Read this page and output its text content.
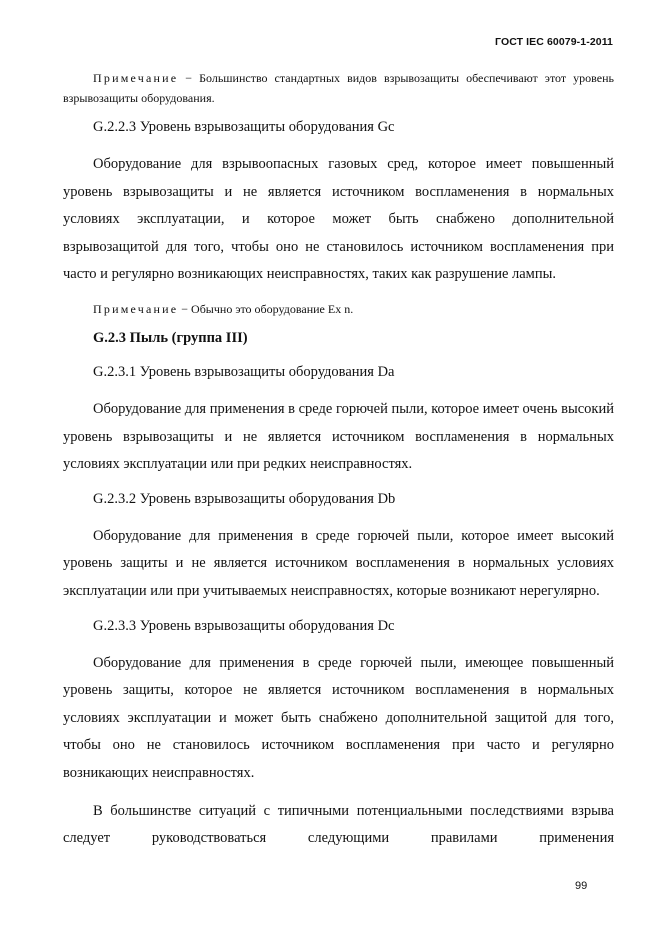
ГОСТ IEC 60079-1-2011

Примечание − Большинство стандартных видов взрывозащиты обеспечивают этот уровень взрывозащиты оборудования.

G.2.2.3 Уровень взрывозащиты оборудования Gc

Оборудование для взрывоопасных газовых сред, которое имеет повышенный уровень взрывозащиты и не является источником воспламенения в нормальных условиях эксплуатации, и которое может быть снабжено дополнительной взрывозащитой для того, чтобы оно не становилось источником воспламенения при часто и регулярно возникающих неисправностях, таких как разрушение лампы.

Примечание − Обычно это оборудование Ex n.

G.2.3 Пыль (группа III)

G.2.3.1 Уровень взрывозащиты оборудования Da

Оборудование для применения в среде горючей пыли, которое имеет очень высокий уровень взрывозащиты и не является источником воспламенения в нормальных условиях эксплуатации или при редких неисправностях.

G.2.3.2 Уровень взрывозащиты оборудования Db

Оборудование для применения в среде горючей пыли, которое имеет высокий уровень защиты и не является источником воспламенения в нормальных условиях эксплуатации или при учитываемых неисправностях, которые возникают нерегулярно.

G.2.3.3 Уровень взрывозащиты оборудования Dc

Оборудование для применения в среде горючей пыли, имеющее повышенный уровень защиты, которое не является источником воспламенения в нормальных условиях эксплуатации и может быть снабжено дополнительной защитой для того, чтобы оно не становилось источником воспламенения при часто и регулярно возникающих неисправностях.

В большинстве ситуаций с типичными потенциальными последствиями взрыва следует руководствоваться следующими правилами применения

99
